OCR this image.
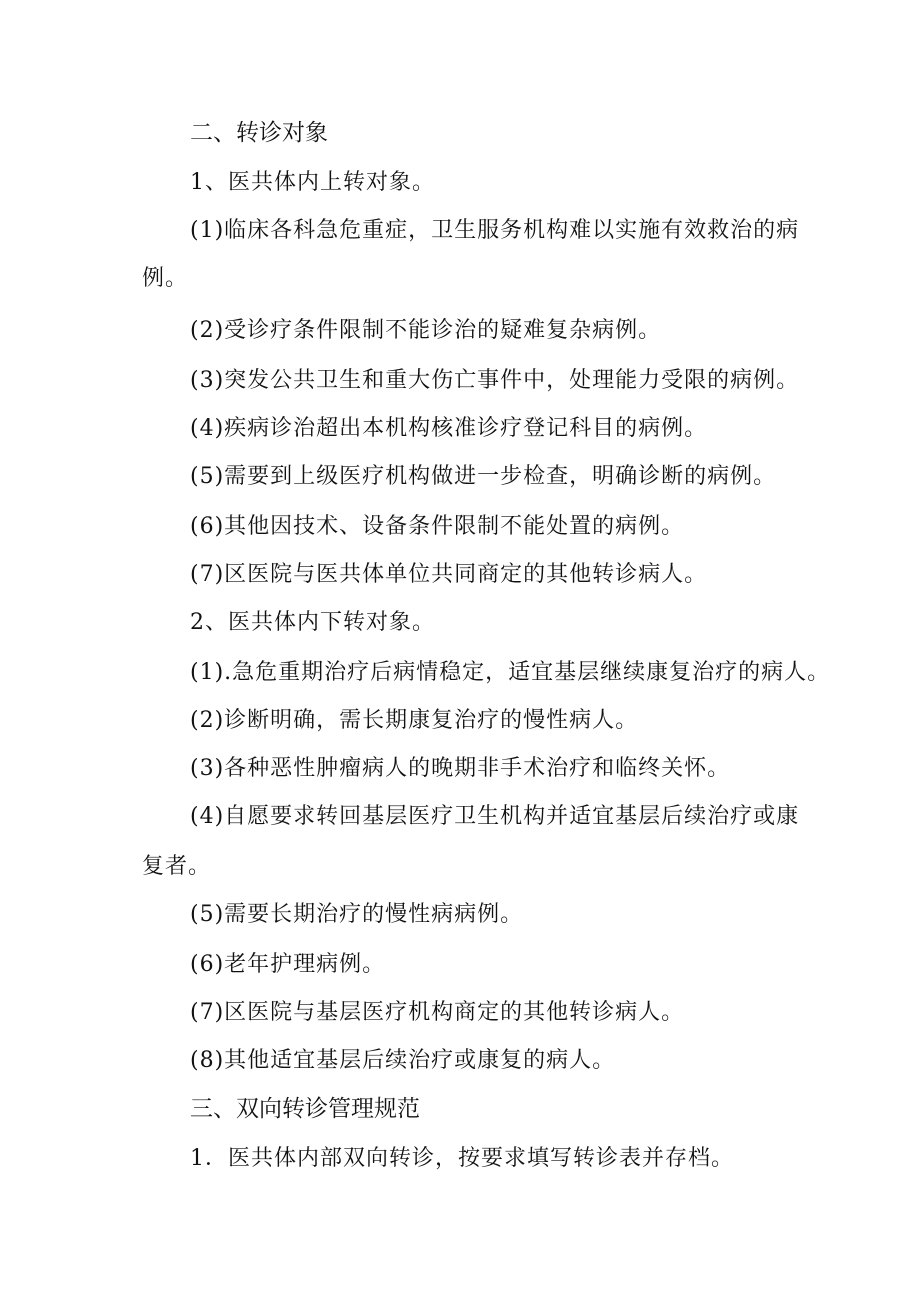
二、转诊对象
1、医共体内上转对象。
(1)临床各科急危重症，卫生服务机构难以实施有效救治的病
例。
(2)受诊疗条件限制不能诊治的疑难复杂病例。
(3)突发公共卫生和重大伤亡事件中，处理能力受限的病例。
(4)疾病诊治超出本机构核准诊疗登记科目的病例。
(5)需要到上级医疗机构做进一步检查，明确诊断的病例。
(6)其他因技术、设备条件限制不能处置的病例。
(7)区医院与医共体单位共同商定的其他转诊病人。
2、医共体内下转对象。
(1).急危重期治疗后病情稳定，适宜基层继续康复治疗的病人。
(2)诊断明确，需长期康复治疗的慢性病人。
(3)各种恶性肿瘤病人的晚期非手术治疗和临终关怀。
(4)自愿要求转回基层医疗卫生机构并适宜基层后续治疗或康
复者。
(5)需要长期治疗的慢性病病例。
(6)老年护理病例。
(7)区医院与基层医疗机构商定的其他转诊病人。
(8)其他适宜基层后续治疗或康复的病人。
三、双向转诊管理规范
1．医共体内部双向转诊，按要求填写转诊表并存档。
